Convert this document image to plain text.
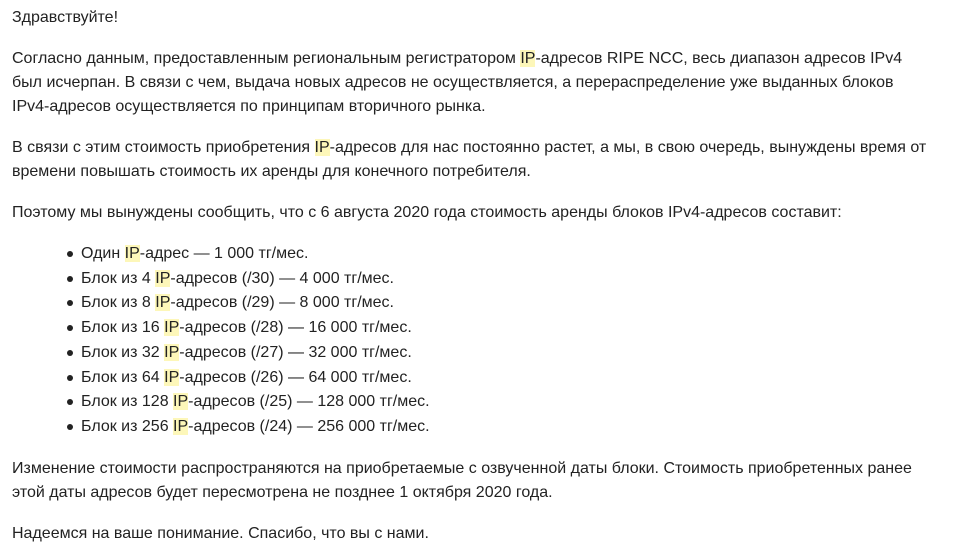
Здравствуйте!

Согласно данным, предоставленным региональным регистратором IP-адресов RIPE NCC, весь диапазон адресов IPv4
был исчерпан. В связи с чем, выдача новых адресов не осуществляется, а перераспределение уже выданных блоков
IPv4-адресов осуществляется по принципам вторичного рынка.

В связи с этим стоимость приобретения IP-адресов для нас постоянно растет, а мы, в свою очередь, вынуждены время от
времени повышать стоимость их аренды для конечного потребителя.

Поэтому мы вынуждены сообщить, что с 6 августа 2020 года стоимость аренды блоков IPv4-адресов составит:

Один IP-адрес — 1 000 тг/мес.
Блок из 4 IP-адресов (/30) — 4 000 тг/мес.
Блок из 8 IP-адресов (/29) — 8 000 тг/мес.
Блок из 16 IP-адресов (/28) — 16 000 тг/мес.
Блок из 32 IP-адресов (/27) — 32 000 тг/мес.
Блок из 64 IP-адресов (/26) — 64 000 тг/мес.
Блок из 128 IP-адресов (/25) — 128 000 тг/мес.
Блок из 256 IP-адресов (/24) — 256 000 тг/мес.

Изменение стоимости распространяются на приобретаемые с озвученной даты блоки. Стоимость приобретенных ранее
этой даты адресов будет пересмотрена не позднее 1 октября 2020 года.

Надеемся на ваше понимание. Спасибо, что вы с нами.
